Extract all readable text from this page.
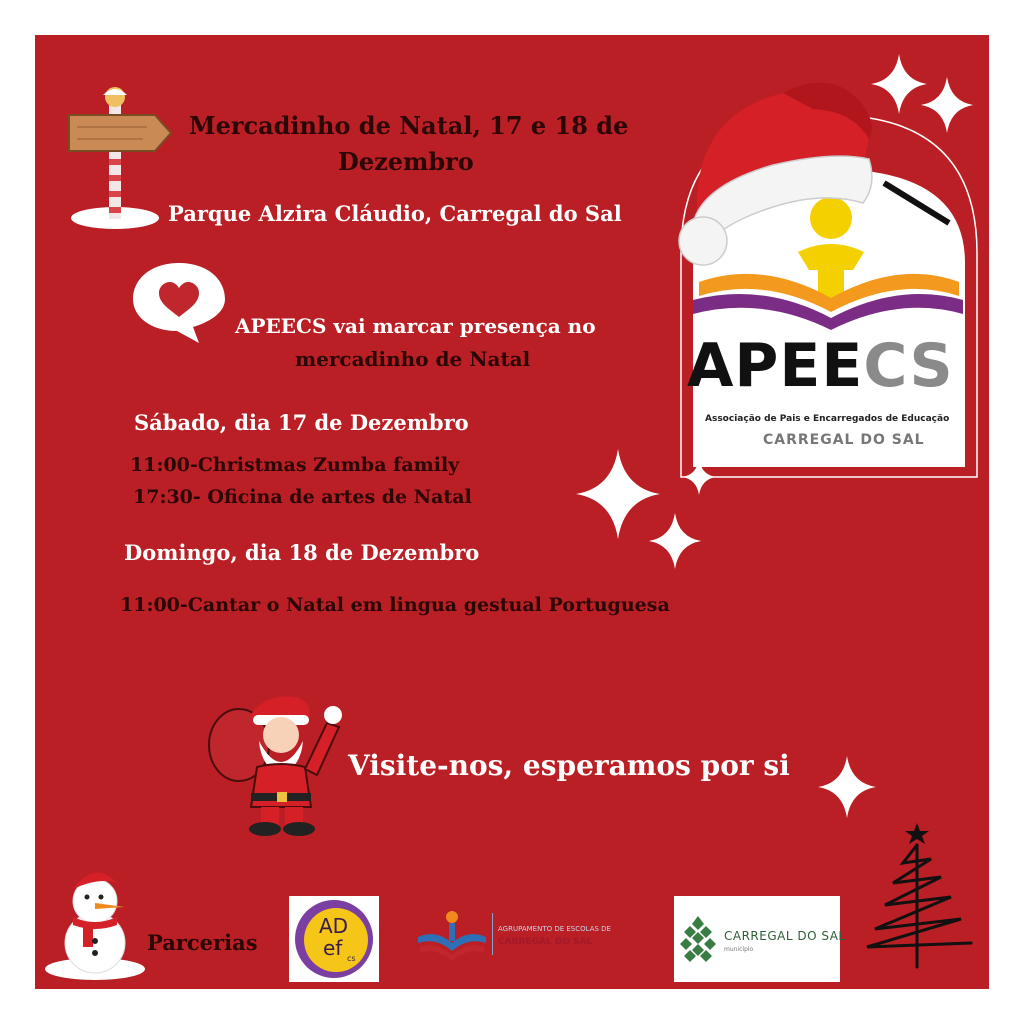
Mercadinho de Natal, 17 e 18 de
Dezembro
Parque Alzira Cláudio, Carregal do Sal
APEECS vai marcar presença no
mercadinho de Natal
Sábado, dia 17 de Dezembro
11:00-Christmas Zumba family
17:30- Oficina de artes de Natal
Domingo, dia 18 de Dezembro
11:00-Cantar o Natal em lingua gestual Portuguesa
Visite-nos, esperamos por si
APEECS
Associação de Pais e Encarregados de Educação
CARREGAL DO SAL
Parcerias
AD
ef cs
AGRUPAMENTO DE ESCOLAS DE
CARREGAL DO SAL	CARREGAL DO SAL
município
